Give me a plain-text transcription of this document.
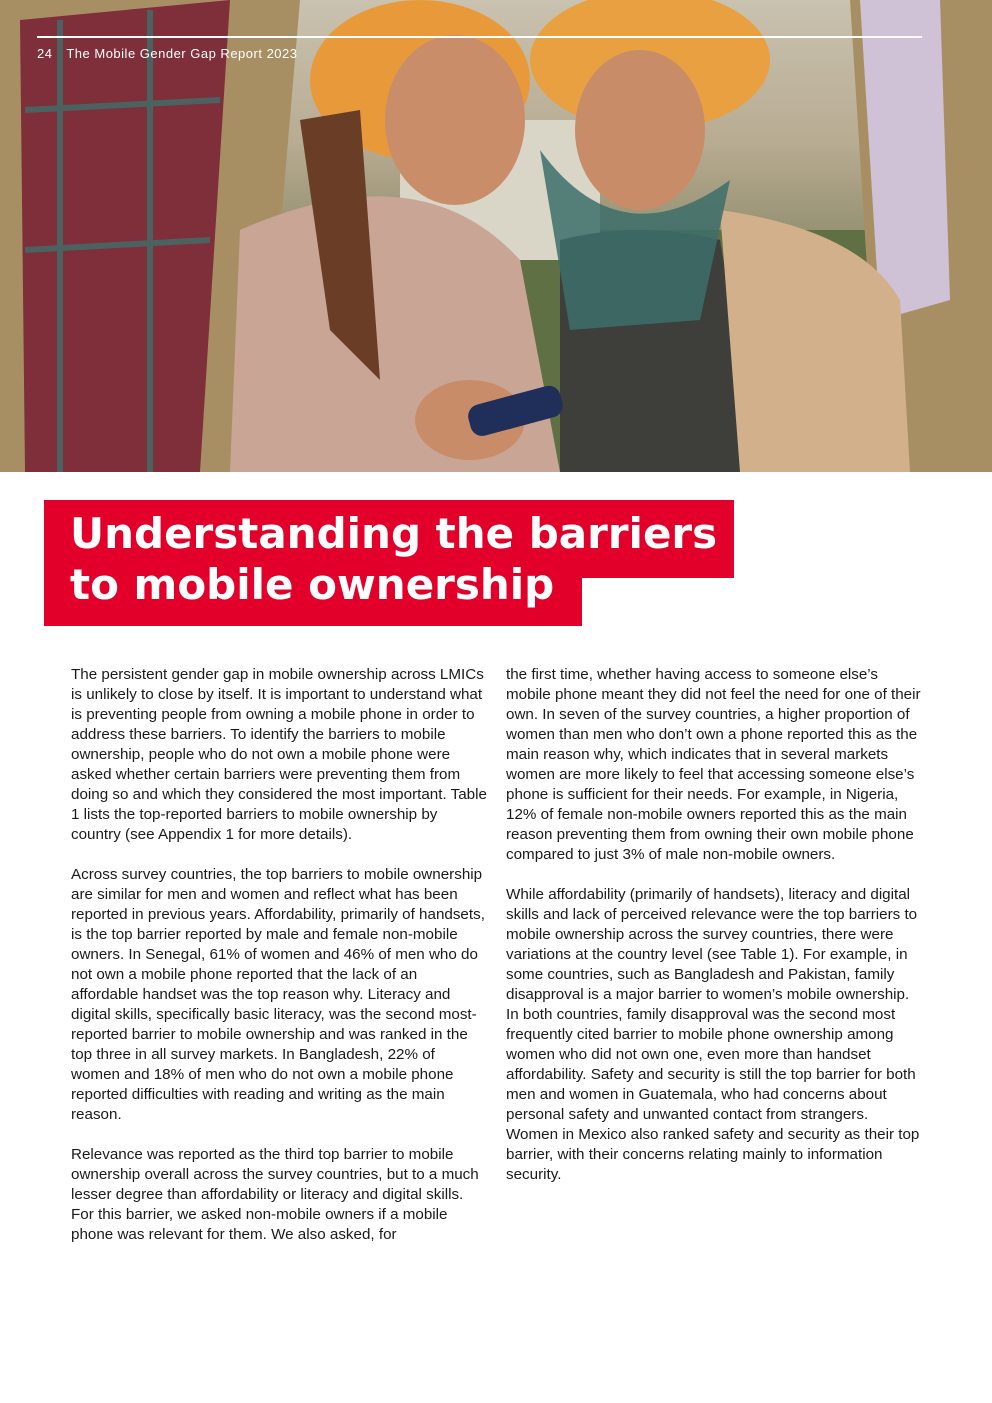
24 The Mobile Gender Gap Report 2023
Understanding the barriers to mobile ownership

The persistent gender gap in mobile ownership across LMICs is unlikely to close by itself. It is important to understand what is preventing people from owning a mobile phone in order to address these barriers. To identify the barriers to mobile ownership, people who do not own a mobile phone were asked whether certain barriers were preventing them from doing so and which they considered the most important. Table 1 lists the top-reported barriers to mobile ownership by country (see Appendix 1 for more details).

Across survey countries, the top barriers to mobile ownership are similar for men and women and reflect what has been reported in previous years. Affordability, primarily of handsets, is the top barrier reported by male and female non-mobile owners. In Senegal, 61% of women and 46% of men who do not own a mobile phone reported that the lack of an affordable handset was the top reason why. Literacy and digital skills, specifically basic literacy, was the second most-reported barrier to mobile ownership and was ranked in the top three in all survey markets. In Bangladesh, 22% of women and 18% of men who do not own a mobile phone reported difficulties with reading and writing as the main reason.

Relevance was reported as the third top barrier to mobile ownership overall across the survey countries, but to a much lesser degree than affordability or literacy and digital skills. For this barrier, we asked non-mobile owners if a mobile phone was relevant for them. We also asked, for

the first time, whether having access to someone else’s mobile phone meant they did not feel the need for one of their own. In seven of the survey countries, a higher proportion of women than men who don’t own a phone reported this as the main reason why, which indicates that in several markets women are more likely to feel that accessing someone else’s phone is sufficient for their needs. For example, in Nigeria, 12% of female non-mobile owners reported this as the main reason preventing them from owning their own mobile phone compared to just 3% of male non-mobile owners.

While affordability (primarily of handsets), literacy and digital skills and lack of perceived relevance were the top barriers to mobile ownership across the survey countries, there were variations at the country level (see Table 1). For example, in some countries, such as Bangladesh and Pakistan, family disapproval is a major barrier to women’s mobile ownership. In both countries, family disapproval was the second most frequently cited barrier to mobile phone ownership among women who did not own one, even more than handset affordability. Safety and security is still the top barrier for both men and women in Guatemala, who had concerns about personal safety and unwanted contact from strangers. Women in Mexico also ranked safety and security as their top barrier, with their concerns relating mainly to information security.
